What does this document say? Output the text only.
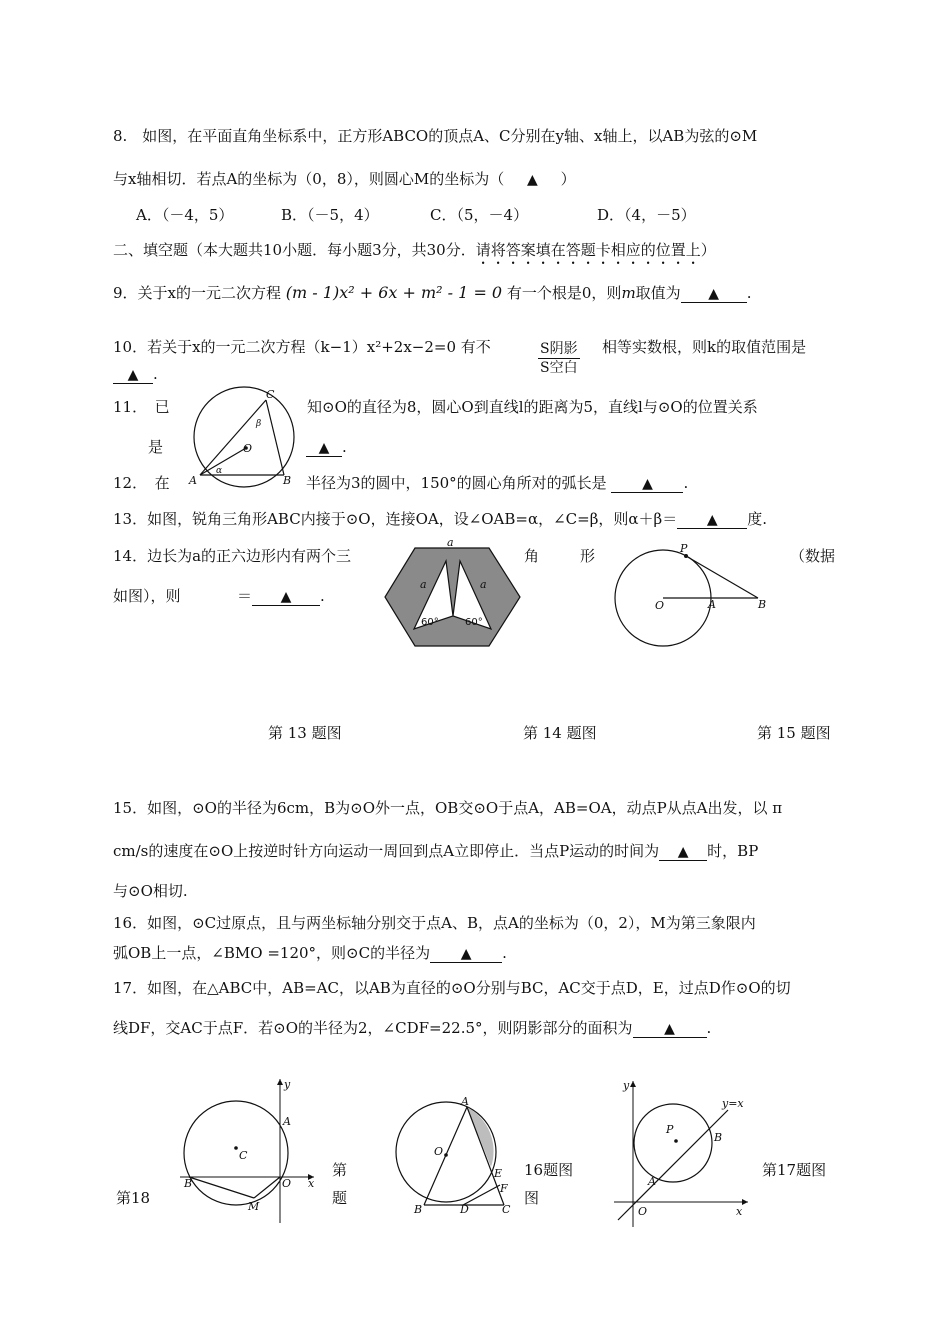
8.　如图，在平面直角坐标系中，正方形ABCO的顶点A、C分别在y轴、x轴上，以AB为弦的⊙M
与x轴相切．若点A的坐标为（0，8），则圆心M的坐标为（ ▲ ）
A．（－4，5）	B．（－5，4）	C．（5，－4）	D．（4，－5）
二、填空题（本大题共10小题．每小题3分，共30分．请将答案填在答题卡相应的位置上）
9．关于x的一元二次方程 (m - 1)x² + 6x + m² - 1 = 0 有一个根是0，则m取值为 ▲ .
10．若关于x的一元二次方程（k−1）x²+2x−2=0 有不	$\frac{\text{S阴影}}{\text{S空白}}$ 相等实数根，则k的取值范围是
▲ .
11．　已	知⊙O的直径为8，圆心O到直线l的距离为5，直线l与⊙O的位置关系
是	▲ .
A	B
C
O
α
β
12．　在	半径为3的圆中，150°的圆心角所对的弧长是	▲ .
13．如图，锐角三角形ABC内接于⊙O，连接OA，设∠OAB=α，∠C=β，则α＋β＝ ▲ 度.
14．边长为a的正六边形内有两个三	角	形	（数据
如图），则	＝ ▲ .
a
a	a
60°	60°
P
O	A	B
第 13 题图	第 14 题图	第 15 题图
15．如图，⊙O的半径为6cm，B为⊙O外一点，OB交⊙O于点A，AB=OA，动点P从点A出发，以 π
cm/s的速度在⊙O上按逆时针方向运动一周回到点A立即停止．当点P运动的时间为 ▲ 时，BP
与⊙O相切.
16．如图，⊙C过原点，且与两坐标轴分别交于点A、B，点A的坐标为（0，2），M为第三象限内
弧OB上一点，∠BMO =120°，则⊙C的半径为 ▲ .
17．如图，在△ABC中，AB=AC，以AB为直径的⊙O分别与BC，AC交于点D，E，过点D作⊙O的切
线DF，交AC于点F．若⊙O的半径为2，∠CDF=22.5°，则阴影部分的面积为 ▲ .
y
x
A
C
B	O
M
A
O
E
F
B	D	C
y
y=x
P
B
A
O	x
第18
第
题
16题图
图
第17题图
